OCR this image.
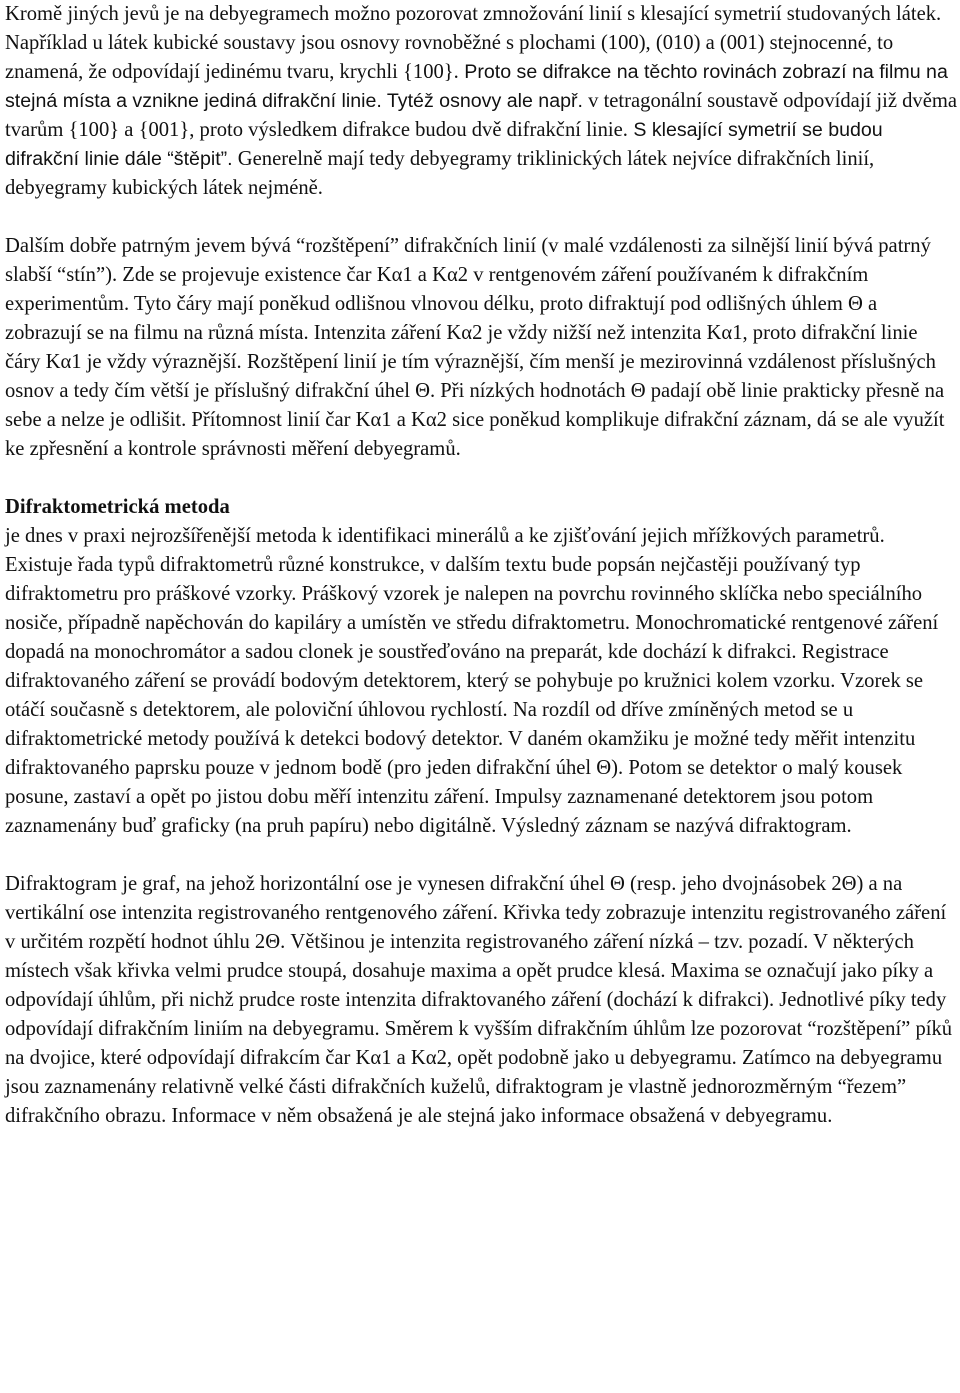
Kromě jiných jevů je na debyegramech možno pozorovat zmnožování linií s klesající symetrií studovaných látek. Například u látek kubické soustavy jsou osnovy rovnoběžné s plochami (100), (010) a (001) stejnocenné, to znamená, že odpovídají jedinému tvaru, krychli {100}. Proto se difrakce na těchto rovinách zobrazí na filmu na stejná místa a vznikne jediná difrakční linie. Tytéž osnovy ale např. v tetragonální soustavě odpovídají již dvěma tvarům {100} a {001}, proto výsledkem difrakce budou dvě difrakční linie. S klesající symetrií se budou difrakční linie dále “štěpit”. Generelně mají tedy debyegramy triklinických látek nejvíce difrakčních linií, debyegramy kubických látek nejméně.

Dalším dobře patrným jevem bývá “rozštěpení” difrakčních linií (v malé vzdálenosti za silnější linií bývá patrný slabší “stín”). Zde se projevuje existence čar Kα1 a Kα2 v rentgenovém záření používaném k difrakčním experimentům. Tyto čáry mají poněkud odlišnou vlnovou délku, proto difraktují pod odlišných úhlem Θ a zobrazují se na filmu na různá místa. Intenzita záření Kα2 je vždy nižší než intenzita Kα1, proto difrakční linie čáry Kα1 je vždy výraznější. Rozštěpení linií je tím výraznější, čím menší je mezirovinná vzdálenost příslušných osnov a tedy čím větší je příslušný difrakční úhel Θ. Při nízkých hodnotách Θ padají obě linie prakticky přesně na sebe a nelze je odlišit. Přítomnost linií čar Kα1 a Kα2 sice poněkud komplikuje difrakční záznam, dá se ale využít ke zpřesnění a kontrole správnosti měření debyegramů.

Difraktometrická metoda
je dnes v praxi nejrozšířenější metoda k identifikaci minerálů a ke zjišťování jejich mřížkových parametrů. Existuje řada typů difraktometrů různé konstrukce, v dalším textu bude popsán nejčastěji používaný typ difraktometru pro práškové vzorky. Práškový vzorek je nalepen na povrchu rovinného sklíčka nebo speciálního nosiče, případně napěchován do kapiláry a umístěn ve středu difraktometru. Monochromatické rentgenové záření dopadá na monochromátor a sadou clonek je soustřeďováno na preparát, kde dochází k difrakci. Registrace difraktovaného záření se provádí bodovým detektorem, který se pohybuje po kružnici kolem vzorku. Vzorek se otáčí současně s detektorem, ale poloviční úhlovou rychlostí. Na rozdíl od dříve zmíněných metod se u difraktometrické metody používá k detekci bodový detektor. V daném okamžiku je možné tedy měřit intenzitu difraktovaného paprsku pouze v jednom bodě (pro jeden difrakční úhel Θ). Potom se detektor o malý kousek posune, zastaví a opět po jistou dobu měří intenzitu záření. Impulsy zaznamenané detektorem jsou potom zaznamenány buď graficky (na pruh papíru) nebo digitálně. Výsledný záznam se nazývá difraktogram.

Difraktogram je graf, na jehož horizontální ose je vynesen difrakční úhel Θ (resp. jeho dvojnásobek 2Θ) a na vertikální ose intenzita registrovaného rentgenového záření. Křivka tedy zobrazuje intenzitu registrovaného záření v určitém rozpětí hodnot úhlu 2Θ. Většinou je intenzita registrovaného záření nízká – tzv. pozadí. V některých místech však křivka velmi prudce stoupá, dosahuje maxima a opět prudce klesá. Maxima se označují jako píky a odpovídají úhlům, při nichž prudce roste intenzita difraktovaného záření (dochází k difrakci). Jednotlivé píky tedy odpovídají difrakčním liniím na debyegramu. Směrem k vyšším difrakčním úhlům lze pozorovat “rozštěpení” píků na dvojice, které odpovídají difrakcím čar Kα1 a Kα2, opět podobně jako u debyegramu. Zatímco na debyegramu jsou zaznamenány relativně velké části difrakčních kuželů, difraktogram je vlastně jednorozměrným “řezem” difrakčního obrazu. Informace v něm obsažená je ale stejná jako informace obsažená v debyegramu.
